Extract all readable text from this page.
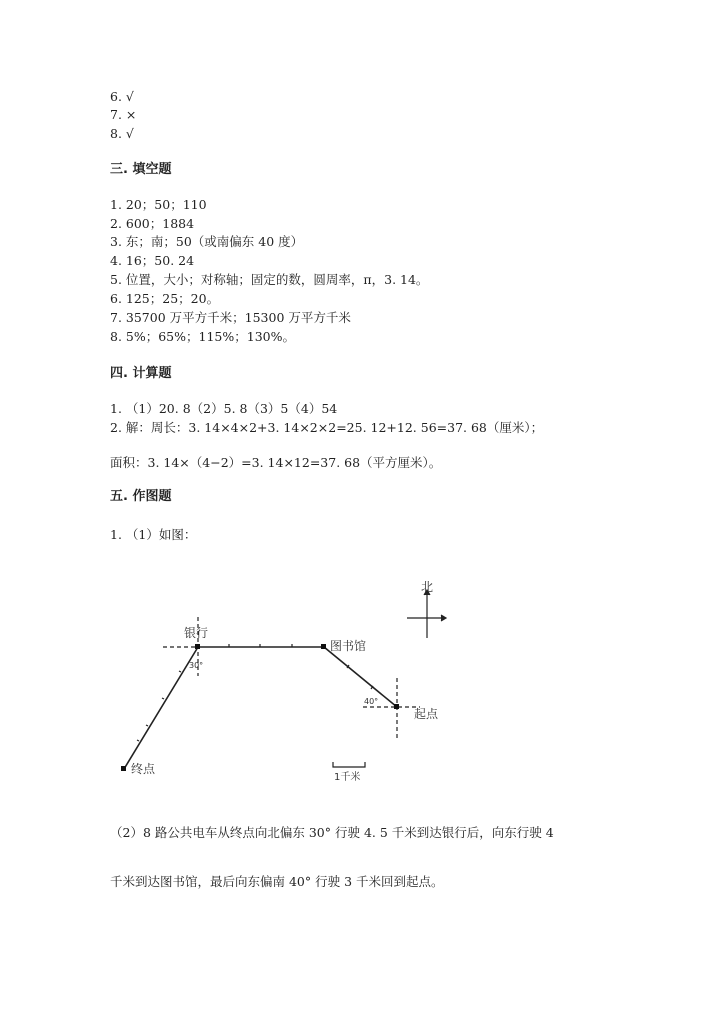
6. √
7. ×
8. √
三. 填空题
1. 20；50；110
2. 600；1884
3. 东；南；50（或南偏东 40 度）
4. 16；50. 24
5. 位置，大小；对称轴；固定的数，圆周率，π，3. 14。
6. 125；25；20。
7. 35700 万平方千米；15300 万平方千米
8. 5%；65%；115%；130%。
四. 计算题
1. （1）20. 8（2）5. 8（3）5（4）54
2. 解：周长：3. 14×4×2+3. 14×2×2=25. 12+12. 56=37. 68（厘米）；
面积：3. 14×（4−2）=3. 14×12=37. 68（平方厘米）。
五. 作图题
1. （1）如图：
北
银行
图书馆
起点
终点
30°
40°
1千米
（2）8 路公共电车从终点向北偏东 30° 行驶 4. 5 千米到达银行后，向东行驶 4
千米到达图书馆，最后向东偏南 40° 行驶 3 千米回到起点。
